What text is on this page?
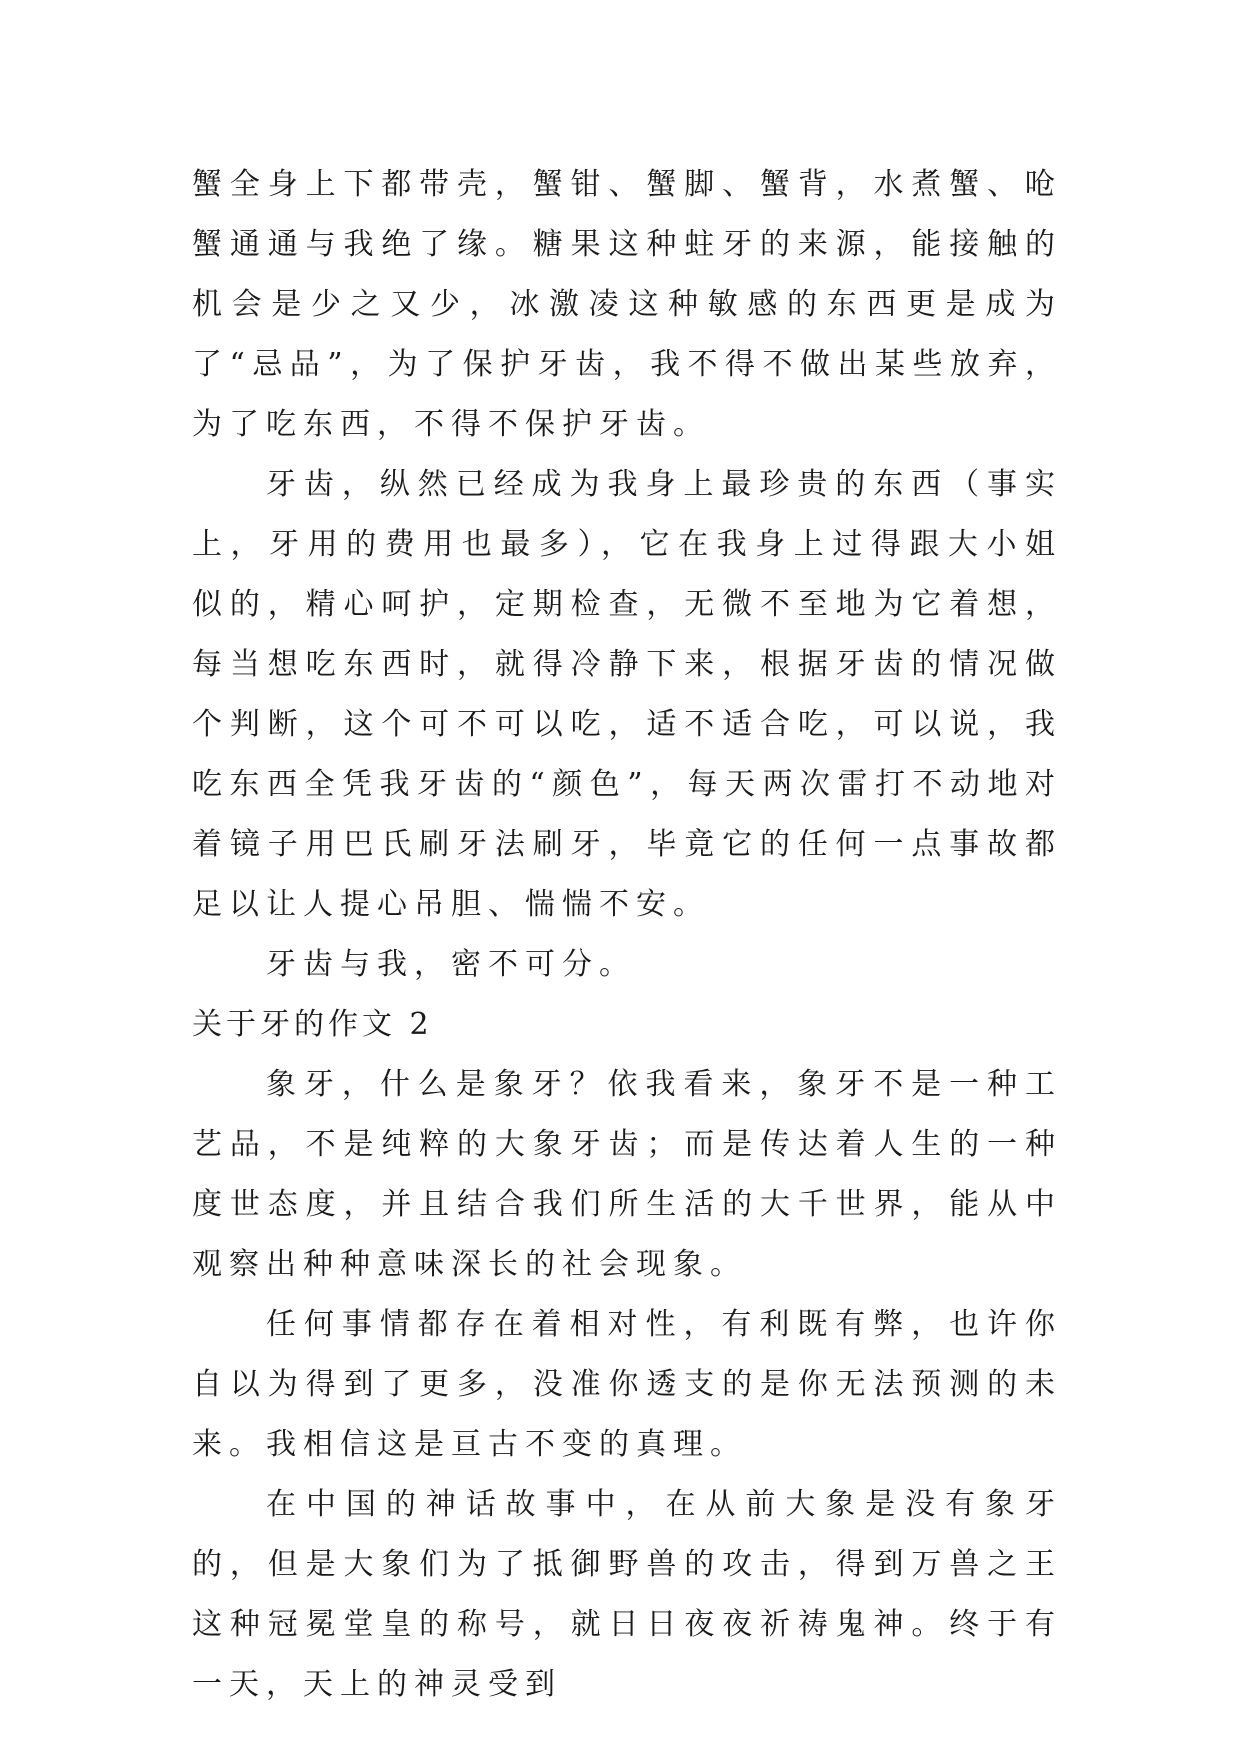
蟹全身上下都带壳，蟹钳、蟹脚、蟹背，水煮蟹、呛蟹通通与我绝了缘。糖果这种蛀牙的来源，能接触的机会是少之又少，冰激凌这种敏感的东西更是成为了“忌品”，为了保护牙齿，我不得不做出某些放弃，为了吃东西，不得不保护牙齿。

牙齿，纵然已经成为我身上最珍贵的东西（事实上，牙用的费用也最多），它在我身上过得跟大小姐似的，精心呵护，定期检查，无微不至地为它着想，每当想吃东西时，就得冷静下来，根据牙齿的情况做个判断，这个可不可以吃，适不适合吃，可以说，我吃东西全凭我牙齿的“颜色”，每天两次雷打不动地对着镜子用巴氏刷牙法刷牙，毕竟它的任何一点事故都足以让人提心吊胆、惴惴不安。

牙齿与我，密不可分。

关于牙的作文 2

象牙，什么是象牙？依我看来，象牙不是一种工艺品，不是纯粹的大象牙齿；而是传达着人生的一种度世态度，并且结合我们所生活的大千世界，能从中观察出种种意味深长的社会现象。

任何事情都存在着相对性，有利既有弊，也许你自以为得到了更多，没准你透支的是你无法预测的未来。我相信这是亘古不变的真理。

在中国的神话故事中，在从前大象是没有象牙的，但是大象们为了抵御野兽的攻击，得到万兽之王这种冠冕堂皇的称号，就日日夜夜祈祷鬼神。终于有一天，天上的神灵受到
